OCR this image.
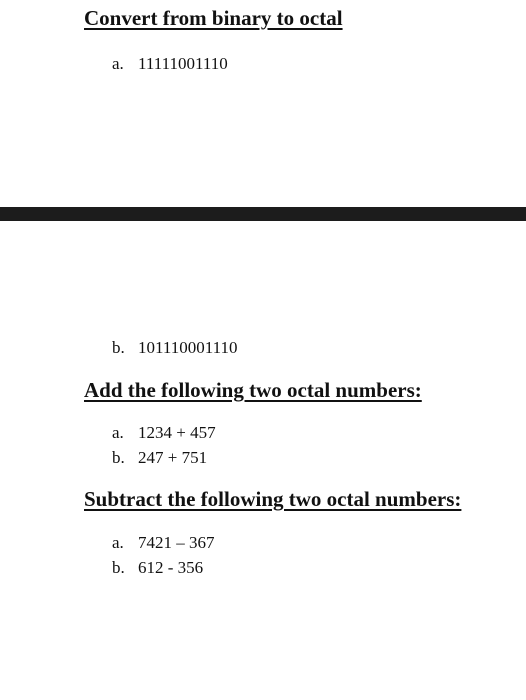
Convert from binary to octal
a. 11111001110
b. 101110001110
Add the following two octal numbers:
a. 1234 + 457
b. 247 + 751
Subtract the following two octal numbers:
a. 7421 – 367
b. 612 - 356
